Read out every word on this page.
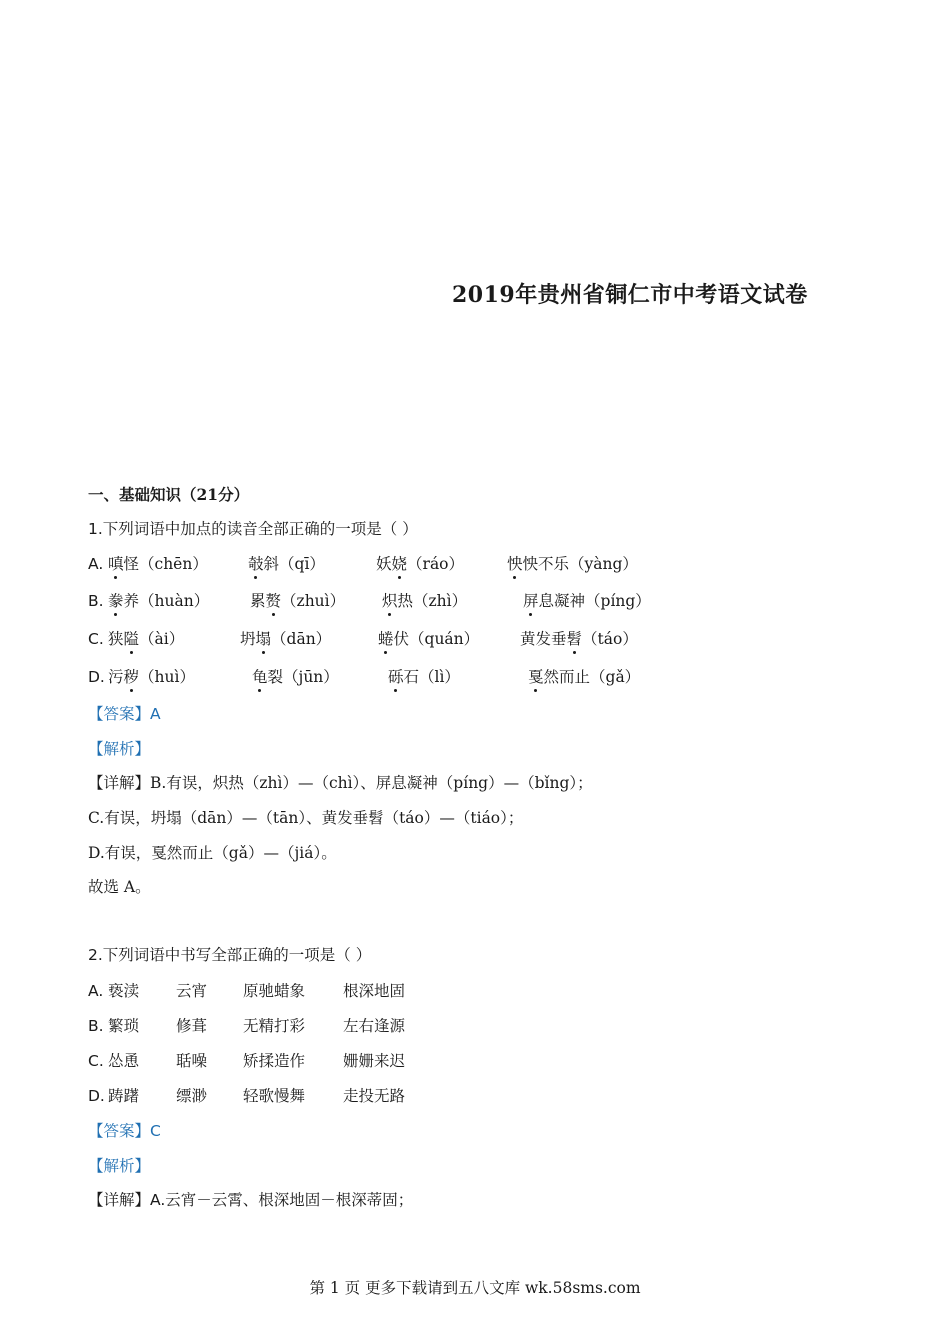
2019年贵州省铜仁市中考语文试卷
一、基础知识（21分）
1.下列词语中加点的读音全部正确的一项是（ ）
A. 嗔怪（chēn）	攲斜（qī）	妖娆（ráo）	怏怏不乐（yàng）
B. 豢养（huàn）	累赘（zhuì） 炽热（zhì）	屏息凝神（píng）
C. 狭隘（ài）	坍塌（dān）	蜷伏（quán）	黄发垂髫（táo）
D. 污秽（huì）	龟裂（jūn）	砾石（lì）	戛然而止（gǎ）
【答案】A
【解析】
【详解】B.有误，炽热（zhì）—（chì）、屏息凝神（píng）—（bǐng）；
C.有误，坍塌（dān）—（tān）、黄发垂髫（táo）—（tiáo）；
D.有误，戛然而止（gǎ）—（jiá）。
故选 A。
2.下列词语中书写全部正确的一项是（ ）
A. 亵渎 云宵 原驰蜡象 根深地固
B. 繁琐 修葺 无精打彩 左右逢源
C. 怂恿 聒噪 矫揉造作 姗姗来迟
D. 踌躇 缥渺 轻歌慢舞 走投无路
【答案】C
【解析】
【详解】A.云宵－云霄、根深地固－根深蒂固；
第 1 页 更多下载请到五八文库 wk.58sms.com
